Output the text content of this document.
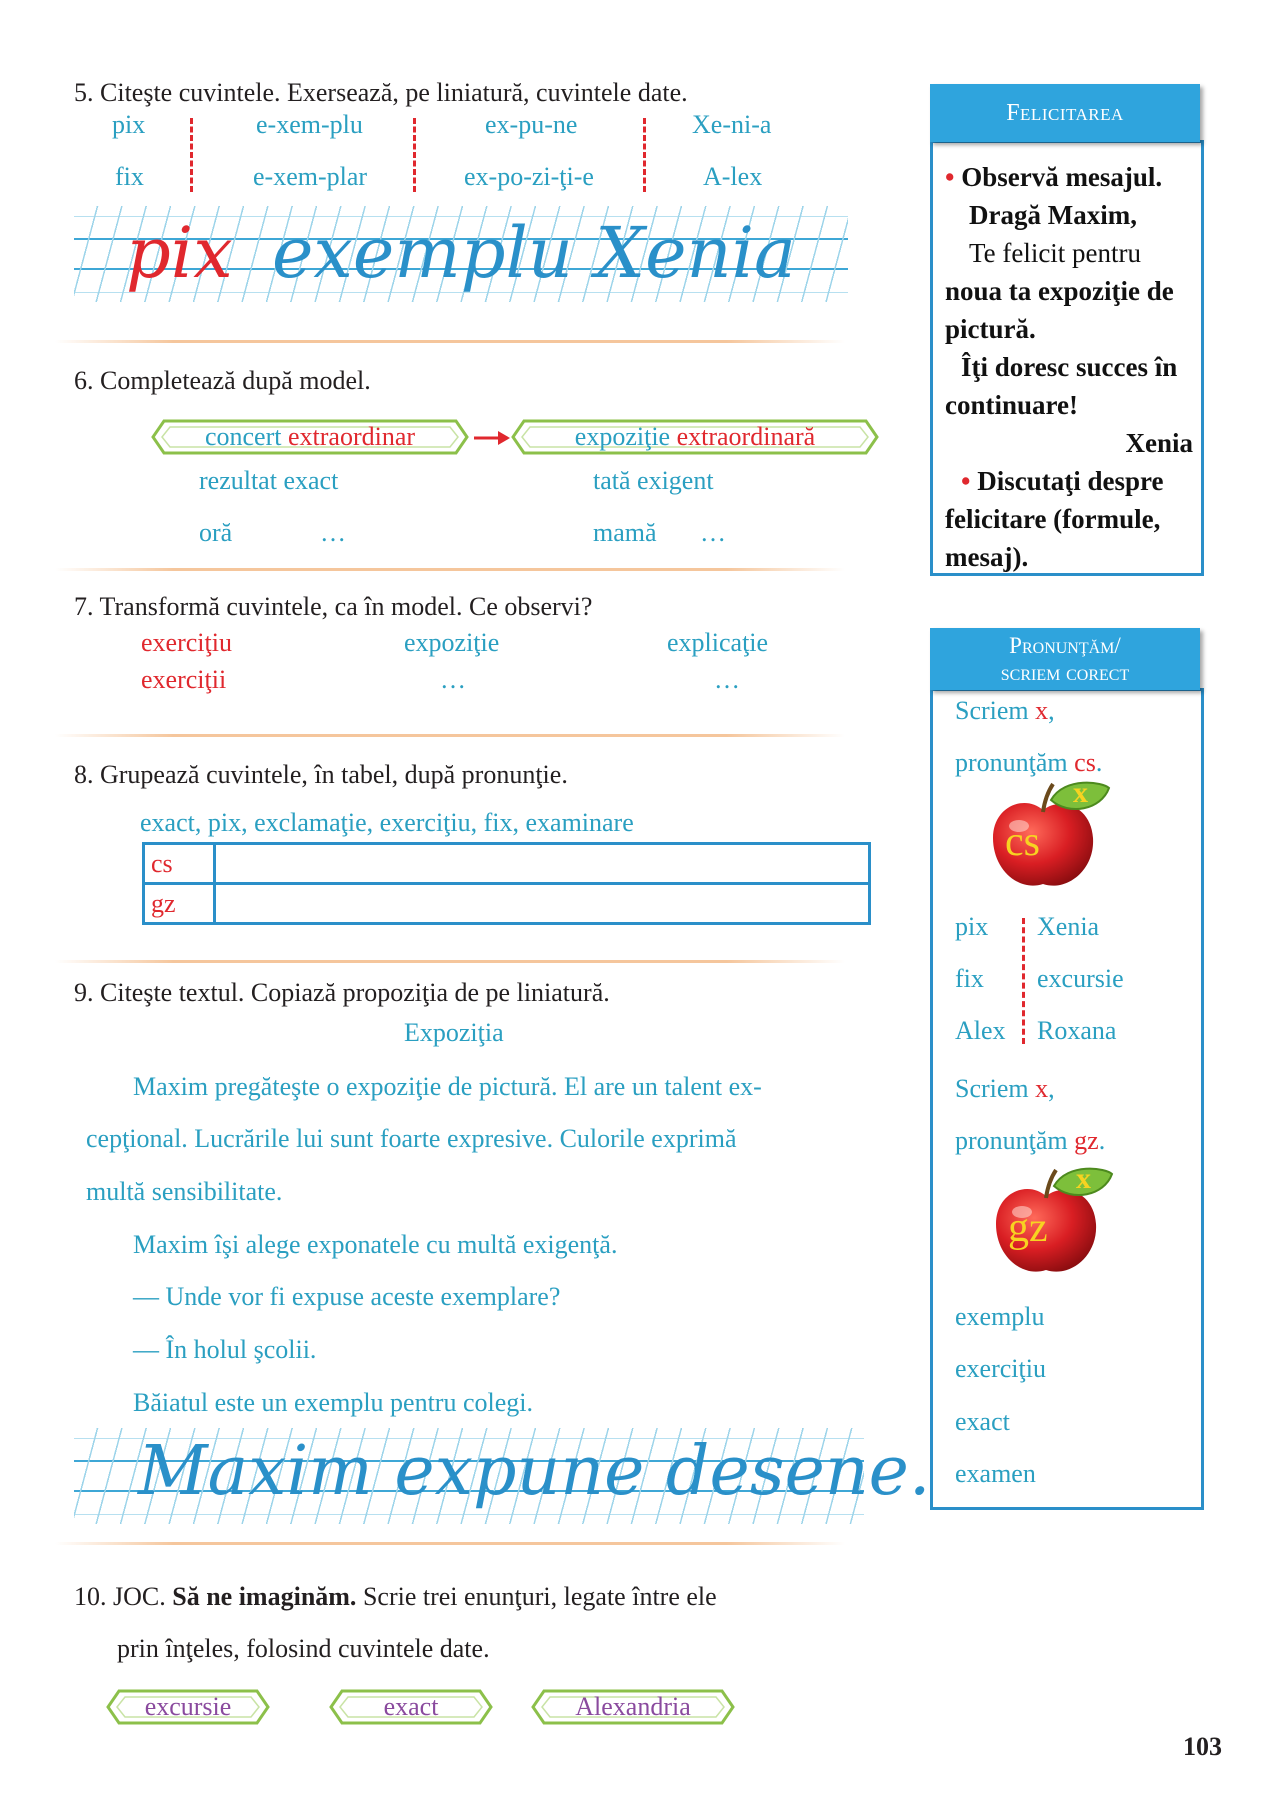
5. Citeşte cuvintele. Exersează, pe liniatură, cuvintele date.
pix	e-xem-plu	ex-pu-ne	Xe-ni-a
fix	e-xem-plar	ex-po-zi-ţi-e	A-lex
pix exemplu Xenia
6. Completează după model.
concert extraordinar	expoziţie extraordinară
rezultat exact	tată exigent
oră	…	mamă …
7. Transformă cuvintele, ca în model. Ce observi?
exerciţiu	expoziţie	explicaţie
exerciţii	…	…
8. Grupează cuvintele, în tabel, după pronunţie.
exact, pix, exclamaţie, exerciţiu, fix, examinare
cs	
gz	
9. Citeşte textul. Copiază propoziţia de pe liniatură.
Expoziţia
Maxim pregăteşte o expoziţie de pictură. El are un talent ex-
cepţional. Lucrările lui sunt foarte expresive. Culorile exprimă
multă sensibilitate.
Maxim îşi alege exponatele cu multă exigenţă.
— Unde vor fi expuse aceste exemplare?
— În holul şcolii.
Băiatul este un exemplu pentru colegi.
Maxim expune desene.
10. JOC. Să ne imaginăm. Scrie trei enunţuri, legate între ele
prin înţeles, folosind cuvintele date.
excursie	exact	Alexandria
Felicitarea
• Observă mesajul.
Dragă Maxim,
Te felicit pentru
noua ta expoziţie de
pictură.
Îţi doresc succes în
continuare!
Xenia
• Discutaţi despre
felicitare (formule,
mesaj).
Pronunţăm/
scriem corect
Scriem x,
pronunţăm cs.
x
cs
pix Xenia
fix excursie
Alex Roxana
Scriem x,
pronunţăm gz.
x
gz
exemplu
exerciţiu
exact
examen
103
